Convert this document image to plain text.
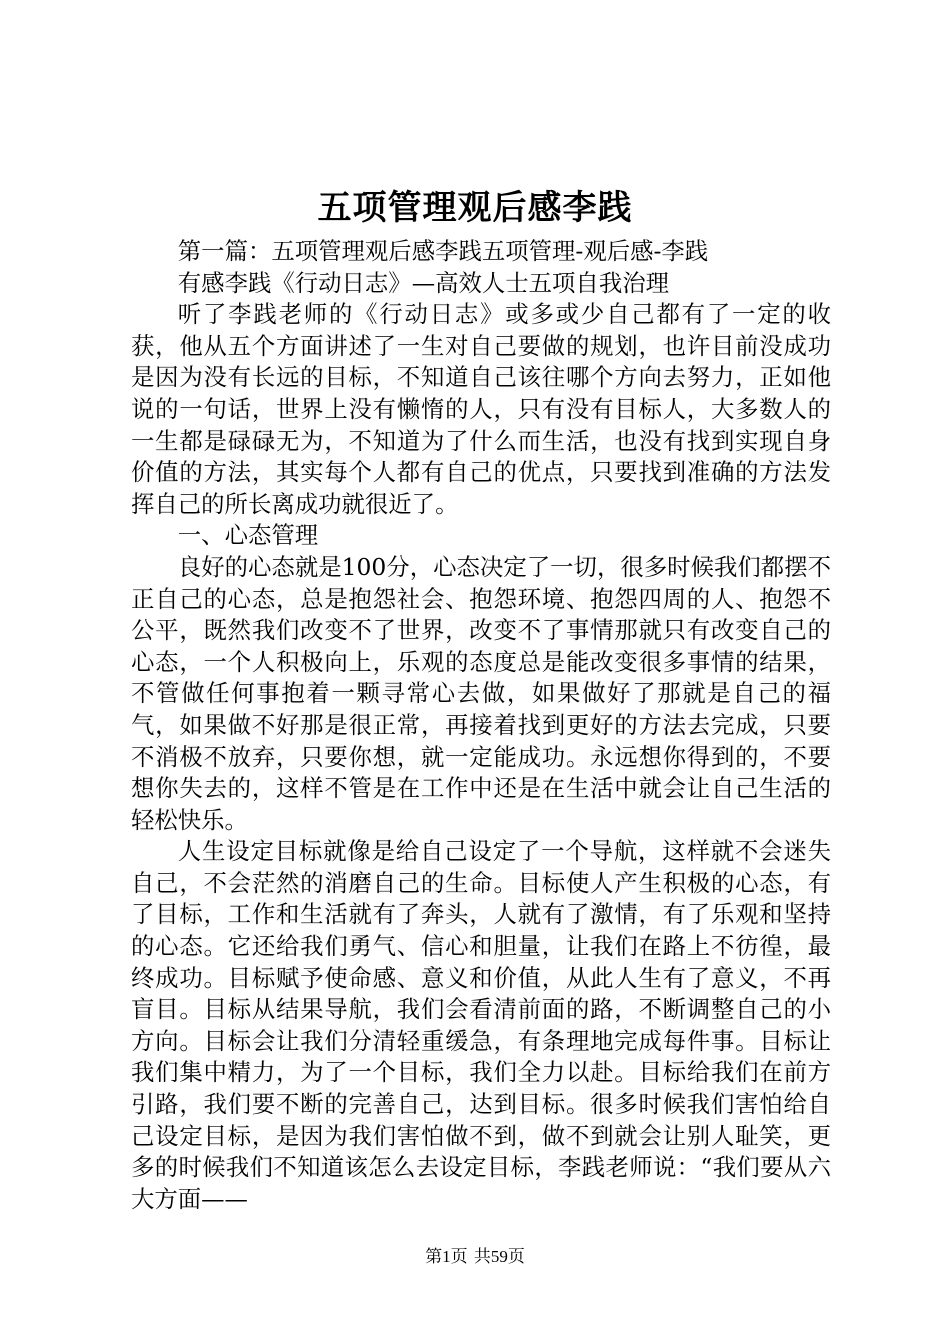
五项管理观后感李践

第一篇：五项管理观后感李践五项管理-观后感-李践

有感李践《行动日志》—高效人士五项自我治理

听了李践老师的《行动日志》或多或少自己都有了一定的收获，他从五个方面讲述了一生对自己要做的规划，也许目前没成功是因为没有长远的目标，不知道自己该往哪个方向去努力，正如他说的一句话，世界上没有懒惰的人，只有没有目标人，大多数人的一生都是碌碌无为，不知道为了什么而生活，也没有找到实现自身价值的方法，其实每个人都有自己的优点，只要找到准确的方法发挥自己的所长离成功就很近了。

一、心态管理

良好的心态就是100分，心态决定了一切，很多时候我们都摆不正自己的心态，总是抱怨社会、抱怨环境、抱怨四周的人、抱怨不公平，既然我们改变不了世界，改变不了事情那就只有改变自己的心态，一个人积极向上，乐观的态度总是能改变很多事情的结果，不管做任何事抱着一颗寻常心去做，如果做好了那就是自己的福气，如果做不好那是很正常，再接着找到更好的方法去完成，只要不消极不放弃，只要你想，就一定能成功。永远想你得到的，不要想你失去的，这样不管是在工作中还是在生活中就会让自己生活的轻松快乐。

人生设定目标就像是给自己设定了一个导航，这样就不会迷失自己，不会茫然的消磨自己的生命。目标使人产生积极的心态，有了目标，工作和生活就有了奔头，人就有了激情，有了乐观和坚持的心态。它还给我们勇气、信心和胆量，让我们在路上不彷徨，最终成功。目标赋予使命感、意义和价值，从此人生有了意义，不再盲目。目标从结果导航，我们会看清前面的路，不断调整自己的小方向。目标会让我们分清轻重缓急，有条理地完成每件事。目标让我们集中精力，为了一个目标，我们全力以赴。目标给我们在前方引路，我们要不断的完善自己，达到目标。很多时候我们害怕给自己设定目标，是因为我们害怕做不到，做不到就会让别人耻笑，更多的时候我们不知道该怎么去设定目标，李践老师说：“我们要从六大方面——

第1页 共59页
